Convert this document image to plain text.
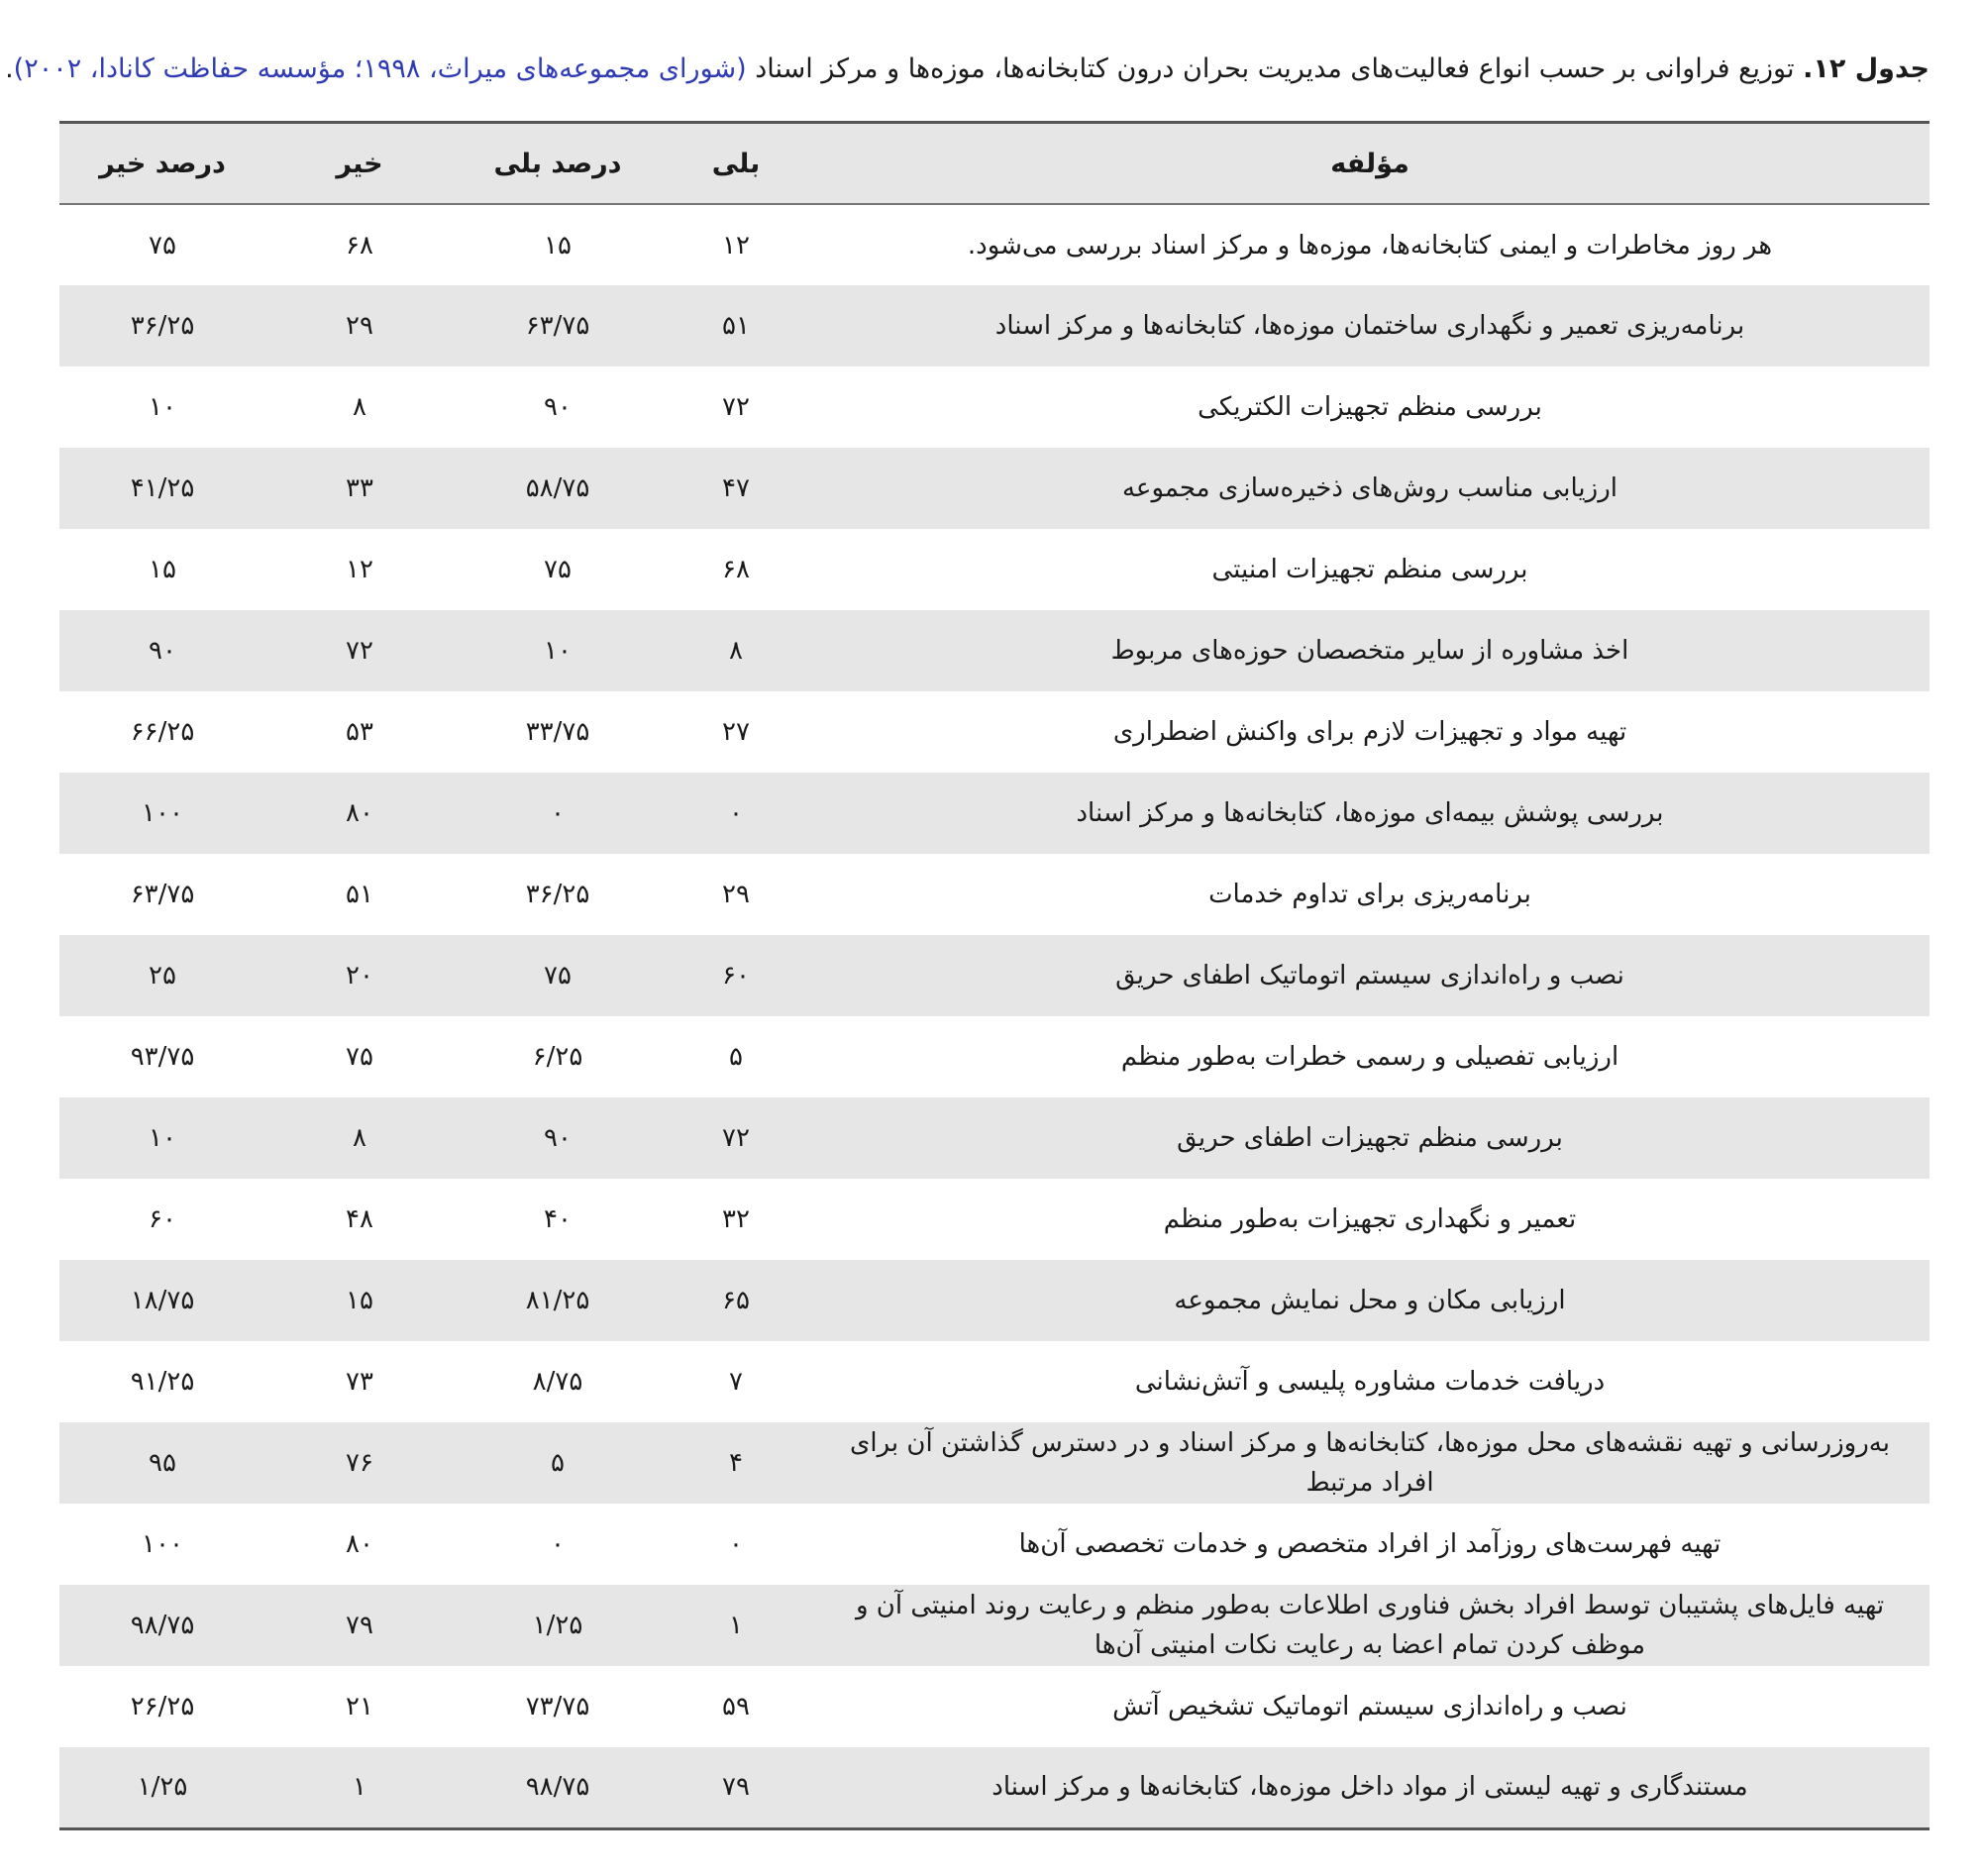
جدول ۱۲. توزیع فراوانی بر حسب انواع فعالیت‌های مدیریت بحران درون کتابخانه‌ها، موزه‌ها و مرکز اسناد (شورای مجموعه‌های میراث، ۱۹۹۸؛ مؤسسه حفاظت کانادا، ۲۰۰۲).
مؤلفه	بلی	درصد بلی	خیر	درصد خیر
هر روز مخاطرات و ایمنی کتابخانه‌ها، موزه‌ها و مرکز اسناد بررسی می‌شود.	۱۲	۱۵	۶۸	۷۵
برنامه‌ریزی تعمیر و نگهداری ساختمان موزه‌ها، کتابخانه‌ها و مرکز اسناد	۵۱	۶۳/۷۵	۲۹	۳۶/۲۵
بررسی منظم تجهیزات الکتریکی	۷۲	۹۰	۸	۱۰
ارزیابی مناسب روش‌های ذخیره‌سازی مجموعه	۴۷	۵۸/۷۵	۳۳	۴۱/۲۵
بررسی منظم تجهیزات امنیتی	۶۸	۷۵	۱۲	۱۵
اخذ مشاوره از سایر متخصصان حوزه‌های مربوط	۸	۱۰	۷۲	۹۰
تهیه مواد و تجهیزات لازم برای واکنش اضطراری	۲۷	۳۳/۷۵	۵۳	۶۶/۲۵
بررسی پوشش بیمه‌ای موزه‌ها، کتابخانه‌ها و مرکز اسناد	۰	۰	۸۰	۱۰۰
برنامه‌ریزی برای تداوم خدمات	۲۹	۳۶/۲۵	۵۱	۶۳/۷۵
نصب و راه‌اندازی سیستم اتوماتیک اطفای حریق	۶۰	۷۵	۲۰	۲۵
ارزیابی تفصیلی و رسمی خطرات به‌طور منظم	۵	۶/۲۵	۷۵	۹۳/۷۵
بررسی منظم تجهیزات اطفای حریق	۷۲	۹۰	۸	۱۰
تعمیر و نگهداری تجهیزات به‌طور منظم	۳۲	۴۰	۴۸	۶۰
ارزیابی مکان و محل نمایش مجموعه	۶۵	۸۱/۲۵	۱۵	۱۸/۷۵
دریافت خدمات مشاوره پلیسی و آتش‌نشانی	۷	۸/۷۵	۷۳	۹۱/۲۵
به‌روزرسانی و تهیه نقشه‌های محل موزه‌ها، کتابخانه‌ها و مرکز اسناد و در دسترس گذاشتن آن برای افراد مرتبط	۴	۵	۷۶	۹۵
تهیه فهرست‌های روزآمد از افراد متخصص و خدمات تخصصی آن‌ها	۰	۰	۸۰	۱۰۰
تهیه فایل‌های پشتیبان توسط افراد بخش فناوری اطلاعات به‌طور منظم و رعایت روند امنیتی آن و موظف کردن تمام اعضا به رعایت نکات امنیتی آن‌ها	۱	۱/۲۵	۷۹	۹۸/۷۵
نصب و راه‌اندازی سیستم اتوماتیک تشخیص آتش	۵۹	۷۳/۷۵	۲۱	۲۶/۲۵
مستندگاری و تهیه لیستی از مواد داخل موزه‌ها، کتابخانه‌ها و مرکز اسناد	۷۹	۹۸/۷۵	۱	۱/۲۵
